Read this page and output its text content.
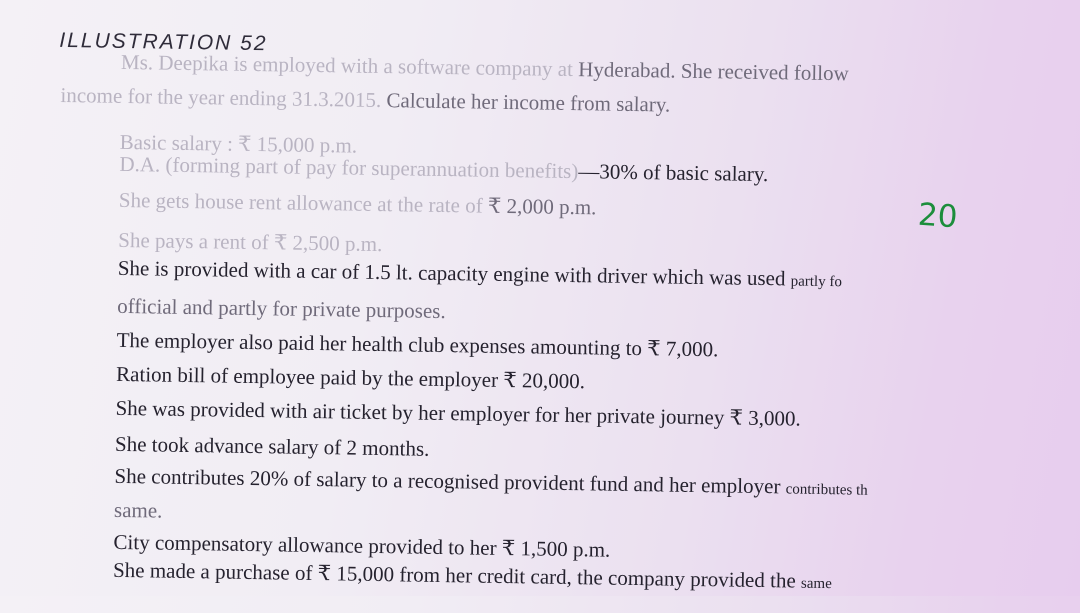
ILLUSTRATION 52
Ms. Deepika is employed with a software company at Hyderabad. She received follow
income for the year ending 31.3.2015. Calculate her income from salary.
Basic salary : ₹ 15,000 p.m.
D.A. (forming part of pay for superannuation benefits)—30% of basic salary.
She gets house rent allowance at the rate of ₹ 2,000 p.m.
She pays a rent of ₹ 2,500 p.m.
She is provided with a car of 1.5 lt. capacity engine with driver which was used partly fo
official and partly for private purposes.
The employer also paid her health club expenses amounting to ₹ 7,000.
Ration bill of employee paid by the employer ₹ 20,000.
She was provided with air ticket by her employer for her private journey ₹ 3,000.
She took advance salary of 2 months.
She contributes 20% of salary to a recognised provident fund and her employer contributes th
same.
City compensatory allowance provided to her ₹ 1,500 p.m.
She made a purchase of ₹ 15,000 from her credit card, the company provided the same
20
